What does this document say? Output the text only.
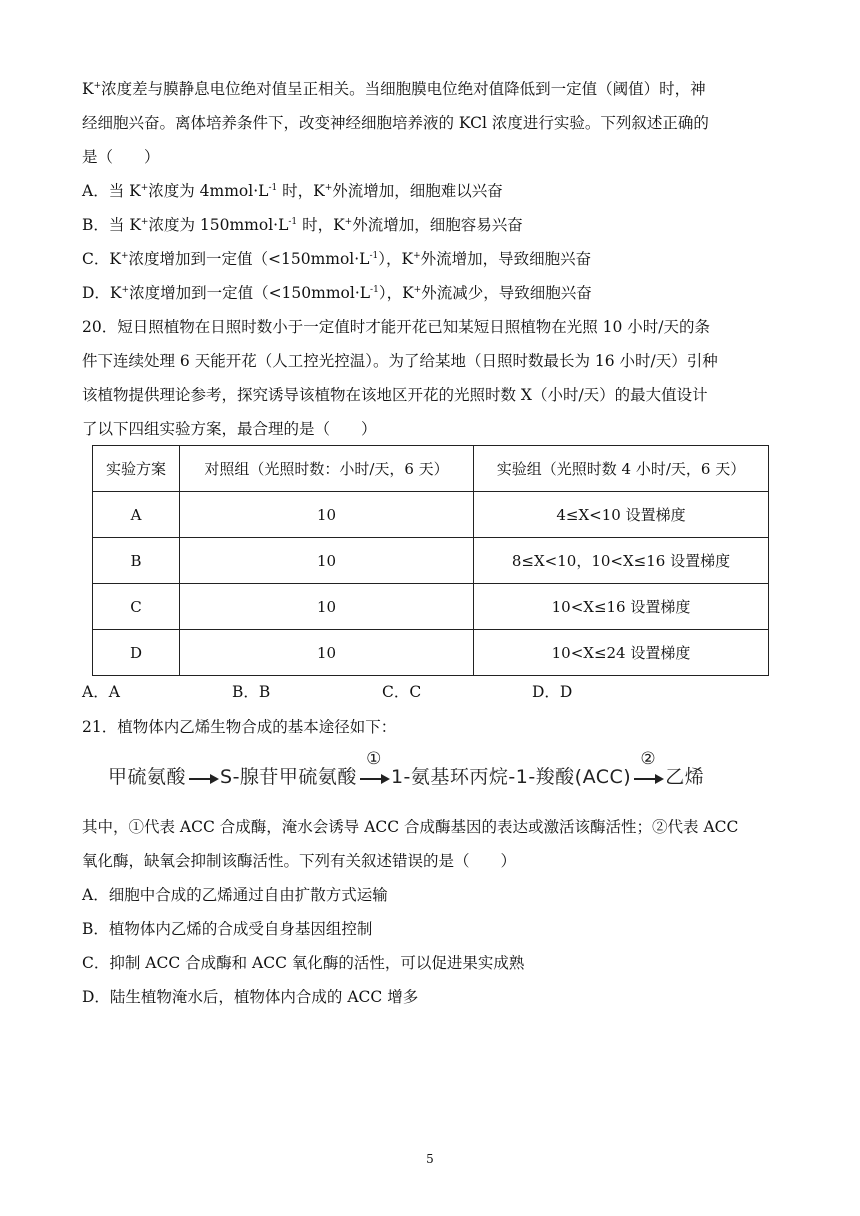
K+浓度差与膜静息电位绝对值呈正相关。当细胞膜电位绝对值降低到一定值（阈值）时，神
经细胞兴奋。离体培养条件下，改变神经细胞培养液的 KCl 浓度进行实验。下列叙述正确的
是（　　）
A．当 K+浓度为 $4mmol\cdot L^{-1}$ 时，K+外流增加，细胞难以兴奋
B．当 K+浓度为 $150mmol\cdot L^{-1}$ 时，K+外流增加，细胞容易兴奋
C．K+浓度增加到一定值$(<150mmol\cdot L^{-1})$，K+外流增加，导致细胞兴奋
D．K+浓度增加到一定值$(<150mmol\cdot L^{-1})$，K+外流减少，导致细胞兴奋
20．短日照植物在日照时数小于一定值时才能开花已知某短日照植物在光照 10 小时/天的条
件下连续处理 6 天能开花（人工控光控温）。为了给某地（日照时数最长为 16 小时/天）引种
该植物提供理论参考，探究诱导该植物在该地区开花的光照时数 X（小时/天）的最大值设计
了以下四组实验方案，最合理的是（　　）
实验方案	对照组（光照时数：小时/天，6 天）	实验组（光照时数 4 小时/天，6 天）
A	10	4≤X<10 设置梯度
B	10	8≤X<10，10<X≤16 设置梯度
C	10	10<X≤16 设置梯度
D	10	10<X≤24 设置梯度
A．A	B．B	C．C	D．D
21．植物体内乙烯生物合成的基本途径如下：
甲硫氨酸 S-腺苷甲硫氨酸
①
1-氨基环丙烷-1-羧酸(ACC)
②
乙烯
其中，①代表 ACC 合成酶，淹水会诱导 ACC 合成酶基因的表达或激活该酶活性；②代表 ACC
氧化酶，缺氧会抑制该酶活性。下列有关叙述错误的是（　　）
A．细胞中合成的乙烯通过自由扩散方式运输
B．植物体内乙烯的合成受自身基因组控制
C．抑制 ACC 合成酶和 ACC 氧化酶的活性，可以促进果实成熟
D．陆生植物淹水后，植物体内合成的 ACC 增多
5
